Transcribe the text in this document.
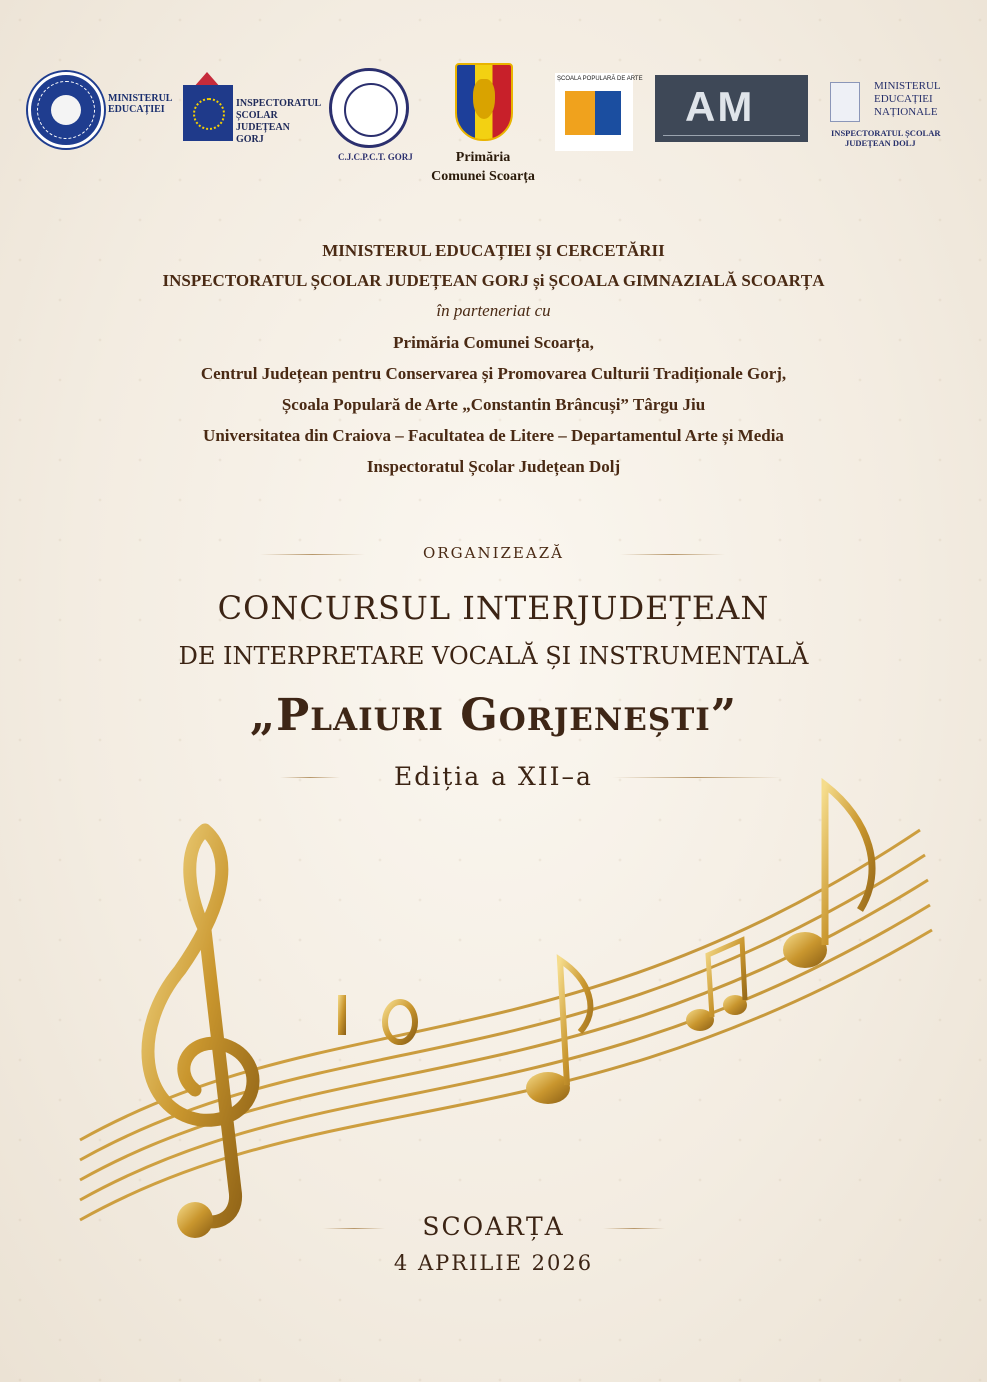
MINISTERUL
EDUCAȚIEI
INSPECTORATUL
ȘCOLAR
JUDEȚEAN
GORJ
C.J.C.P.C.T. GORJ	Primăria
Comunei Scoarța
ȘCOALA POPULARĂ DE ARTE
AM	MINISTERUL
EDUCAȚIEI
NAȚIONALE
INSPECTORATUL ȘCOLAR
JUDEȚEAN DOLJ
MINISTERUL EDUCAȚIEI ȘI CERCETĂRII
INSPECTORATUL ȘCOLAR JUDEȚEAN GORJ și ȘCOALA GIMNAZIALĂ SCOARȚA
în parteneriat cu
Primăria Comunei Scoarța,
Centrul Județean pentru Conservarea și Promovarea Culturii Tradiționale Gorj,
Școala Populară de Arte „Constantin Brâncuși” Târgu Jiu
Universitatea din Craiova – Facultatea de Litere – Departamentul Arte și Media
Inspectoratul Școlar Județean Dolj
ORGANIZEAZĂ
CONCURSUL INTERJUDEȚEAN
DE INTERPRETARE VOCALĂ ȘI INSTRUMENTALĂ
„Plaiuri Gorjenești”
Ediția a XII–a
SCOARȚA
4 APRILIE 2026
